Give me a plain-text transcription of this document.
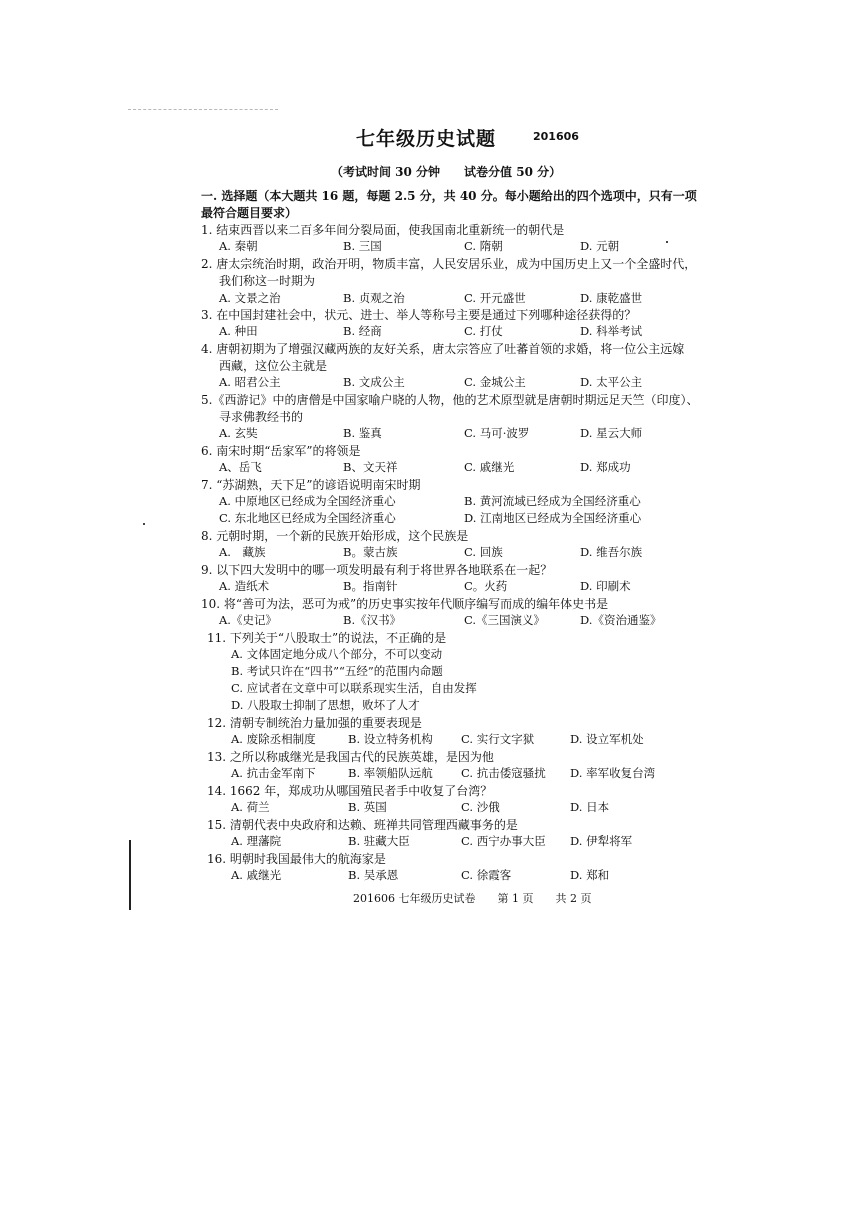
七年级历史试题	201606
（考试时间 30 分钟　　试卷分值 50 分）
一. 选择题（本大题共 16 题，每题 2.5 分，共 40 分。每小题给出的四个选项中，只有一项
最符合题目要求）
1. 结束西晋以来二百多年间分裂局面，使我国南北重新统一的朝代是
A. 秦朝	B. 三国	C. 隋朝	D. 元朝
2. 唐太宗统治时期，政治开明，物质丰富，人民安居乐业，成为中国历史上又一个全盛时代，
我们称这一时期为
A. 文景之治	B. 贞观之治	C. 开元盛世	D. 康乾盛世
3. 在中国封建社会中，状元、进士、举人等称号主要是通过下列哪种途径获得的？
A. 种田	B. 经商	C. 打仗	D. 科举考试
4. 唐朝初期为了增强汉藏两族的友好关系，唐太宗答应了吐蕃首领的求婚，将一位公主远嫁
西藏，这位公主就是
A. 昭君公主	B. 文成公主	C. 金城公主	D. 太平公主
5.《西游记》中的唐僧是中国家喻户晓的人物，他的艺术原型就是唐朝时期远足天竺（印度）、
寻求佛教经书的
A. 玄奘	B. 鉴真	C. 马可·波罗	D. 星云大师
6. 南宋时期“岳家军”的将领是
A、岳飞	B、文天祥	C. 戚继光	D. 郑成功
7. “苏湖熟，天下足”的谚语说明南宋时期
A. 中原地区已经成为全国经济重心	B. 黄河流域已经成为全国经济重心
C. 东北地区已经成为全国经济重心	D. 江南地区已经成为全国经济重心
8. 元朝时期，一个新的民族开始形成，这个民族是
A.　藏族	B。蒙古族	C. 回族	D. 维吾尔族
9. 以下四大发明中的哪一项发明最有利于将世界各地联系在一起？
A. 造纸术	B。指南针	C。火药	D. 印刷术
10. 将“善可为法，恶可为戒”的历史事实按年代顺序编写而成的编年体史书是
A.《史记》	B.《汉书》	C.《三国演义》	D.《资治通鉴》
11. 下列关于“八股取士”的说法，不正确的是
A. 文体固定地分成八个部分，不可以变动
B. 考试只许在“四书”“五经”的范围内命题
C. 应试者在文章中可以联系现实生活，自由发挥
D. 八股取士抑制了思想，败坏了人才
12. 清朝专制统治力量加强的重要表现是
A. 废除丞相制度	B. 设立特务机构 C. 实行文字狱	D. 设立军机处
13. 之所以称戚继光是我国古代的民族英雄，是因为他
A. 抗击金军南下	B. 率领船队远航 C. 抗击倭寇骚扰 D. 率军收复台湾
14. 1662 年，郑成功从哪国殖民者手中收复了台湾？
A. 荷兰	B. 英国	C. 沙俄	D. 日本
15. 清朝代表中央政府和达赖、班禅共同管理西藏事务的是
A. 理藩院	B. 驻藏大臣	C. 西宁办事大臣 D. 伊犁将军
16. 明朝时我国最伟大的航海家是
A. 戚继光	B. 吴承恩	C. 徐霞客	D. 郑和
201606 七年级历史试卷　　第 1 页　　共 2 页
